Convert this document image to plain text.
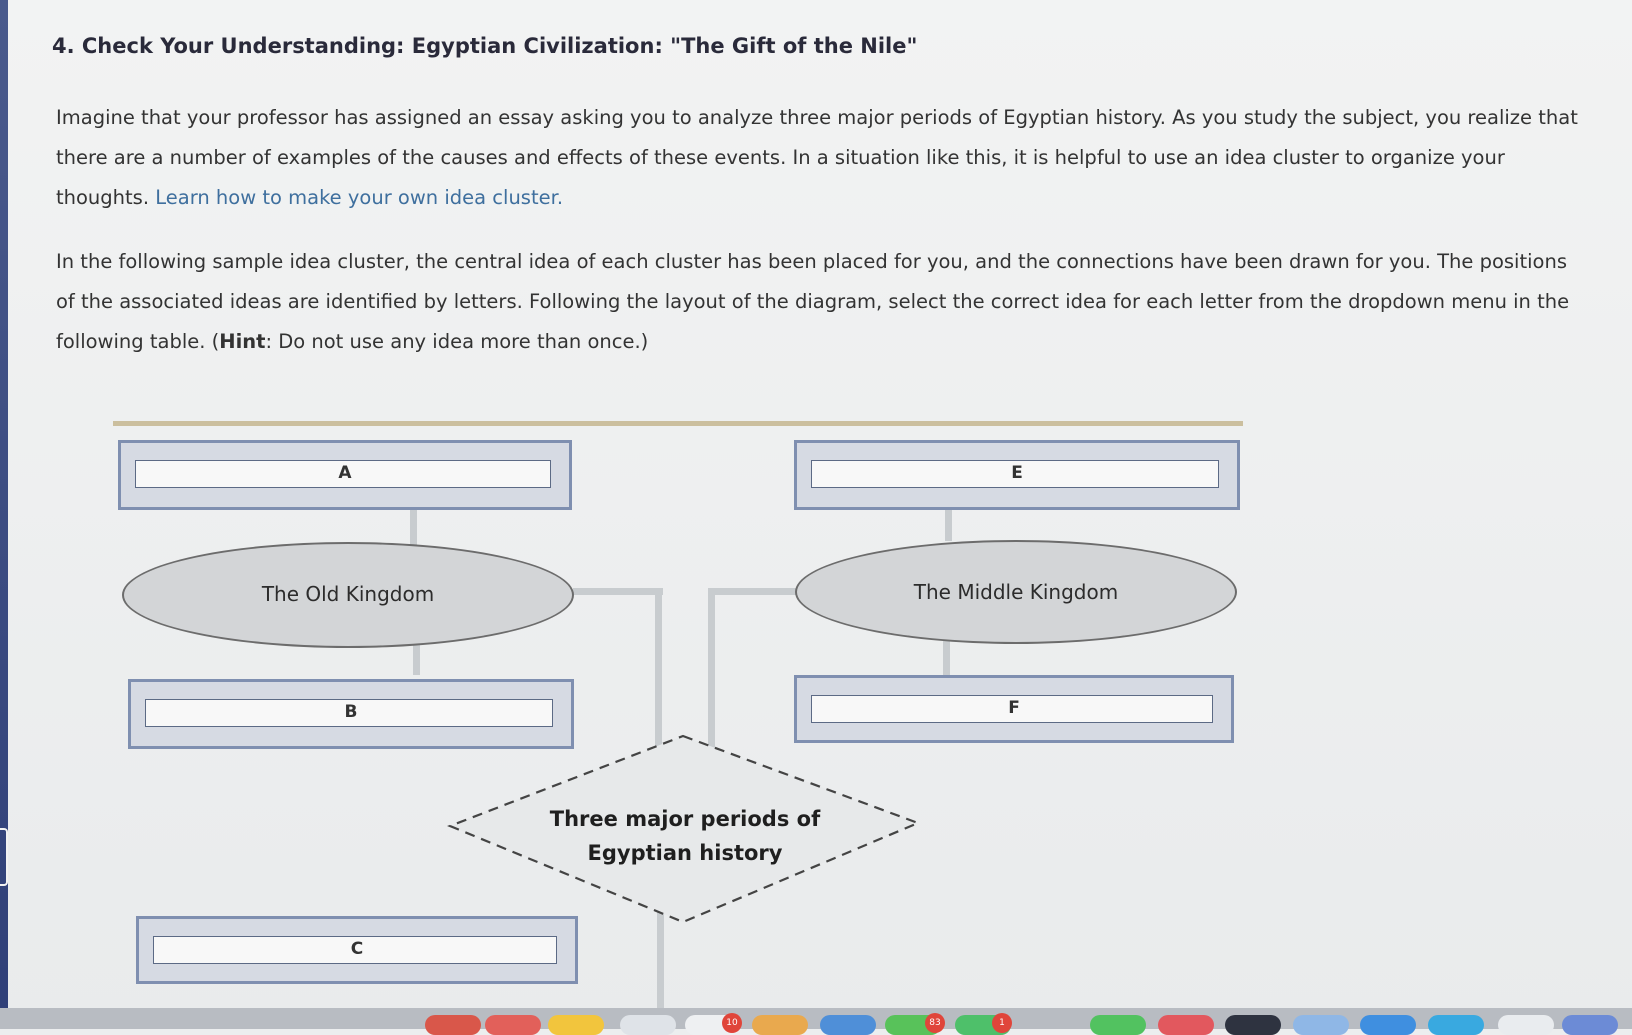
4. Check Your Understanding: Egyptian Civilization: "The Gift of the Nile"

Imagine that your professor has assigned an essay asking you to analyze three major periods of Egyptian history. As you study the subject, you realize that there are a number of examples of the causes and effects of these events. In a situation like this, it is helpful to use an idea cluster to organize your thoughts. Learn how to make your own idea cluster.

In the following sample idea cluster, the central idea of each cluster has been placed for you, and the connections have been drawn for you. The positions of the associated ideas are identified by letters. Following the layout of the diagram, select the correct idea for each letter from the dropdown menu in the following table. (Hint: Do not use any idea more than once.)

The Old Kingdom	The Middle Kingdom
A	E
B	F
C
Three major periods of
Egyptian history
10	83	1
